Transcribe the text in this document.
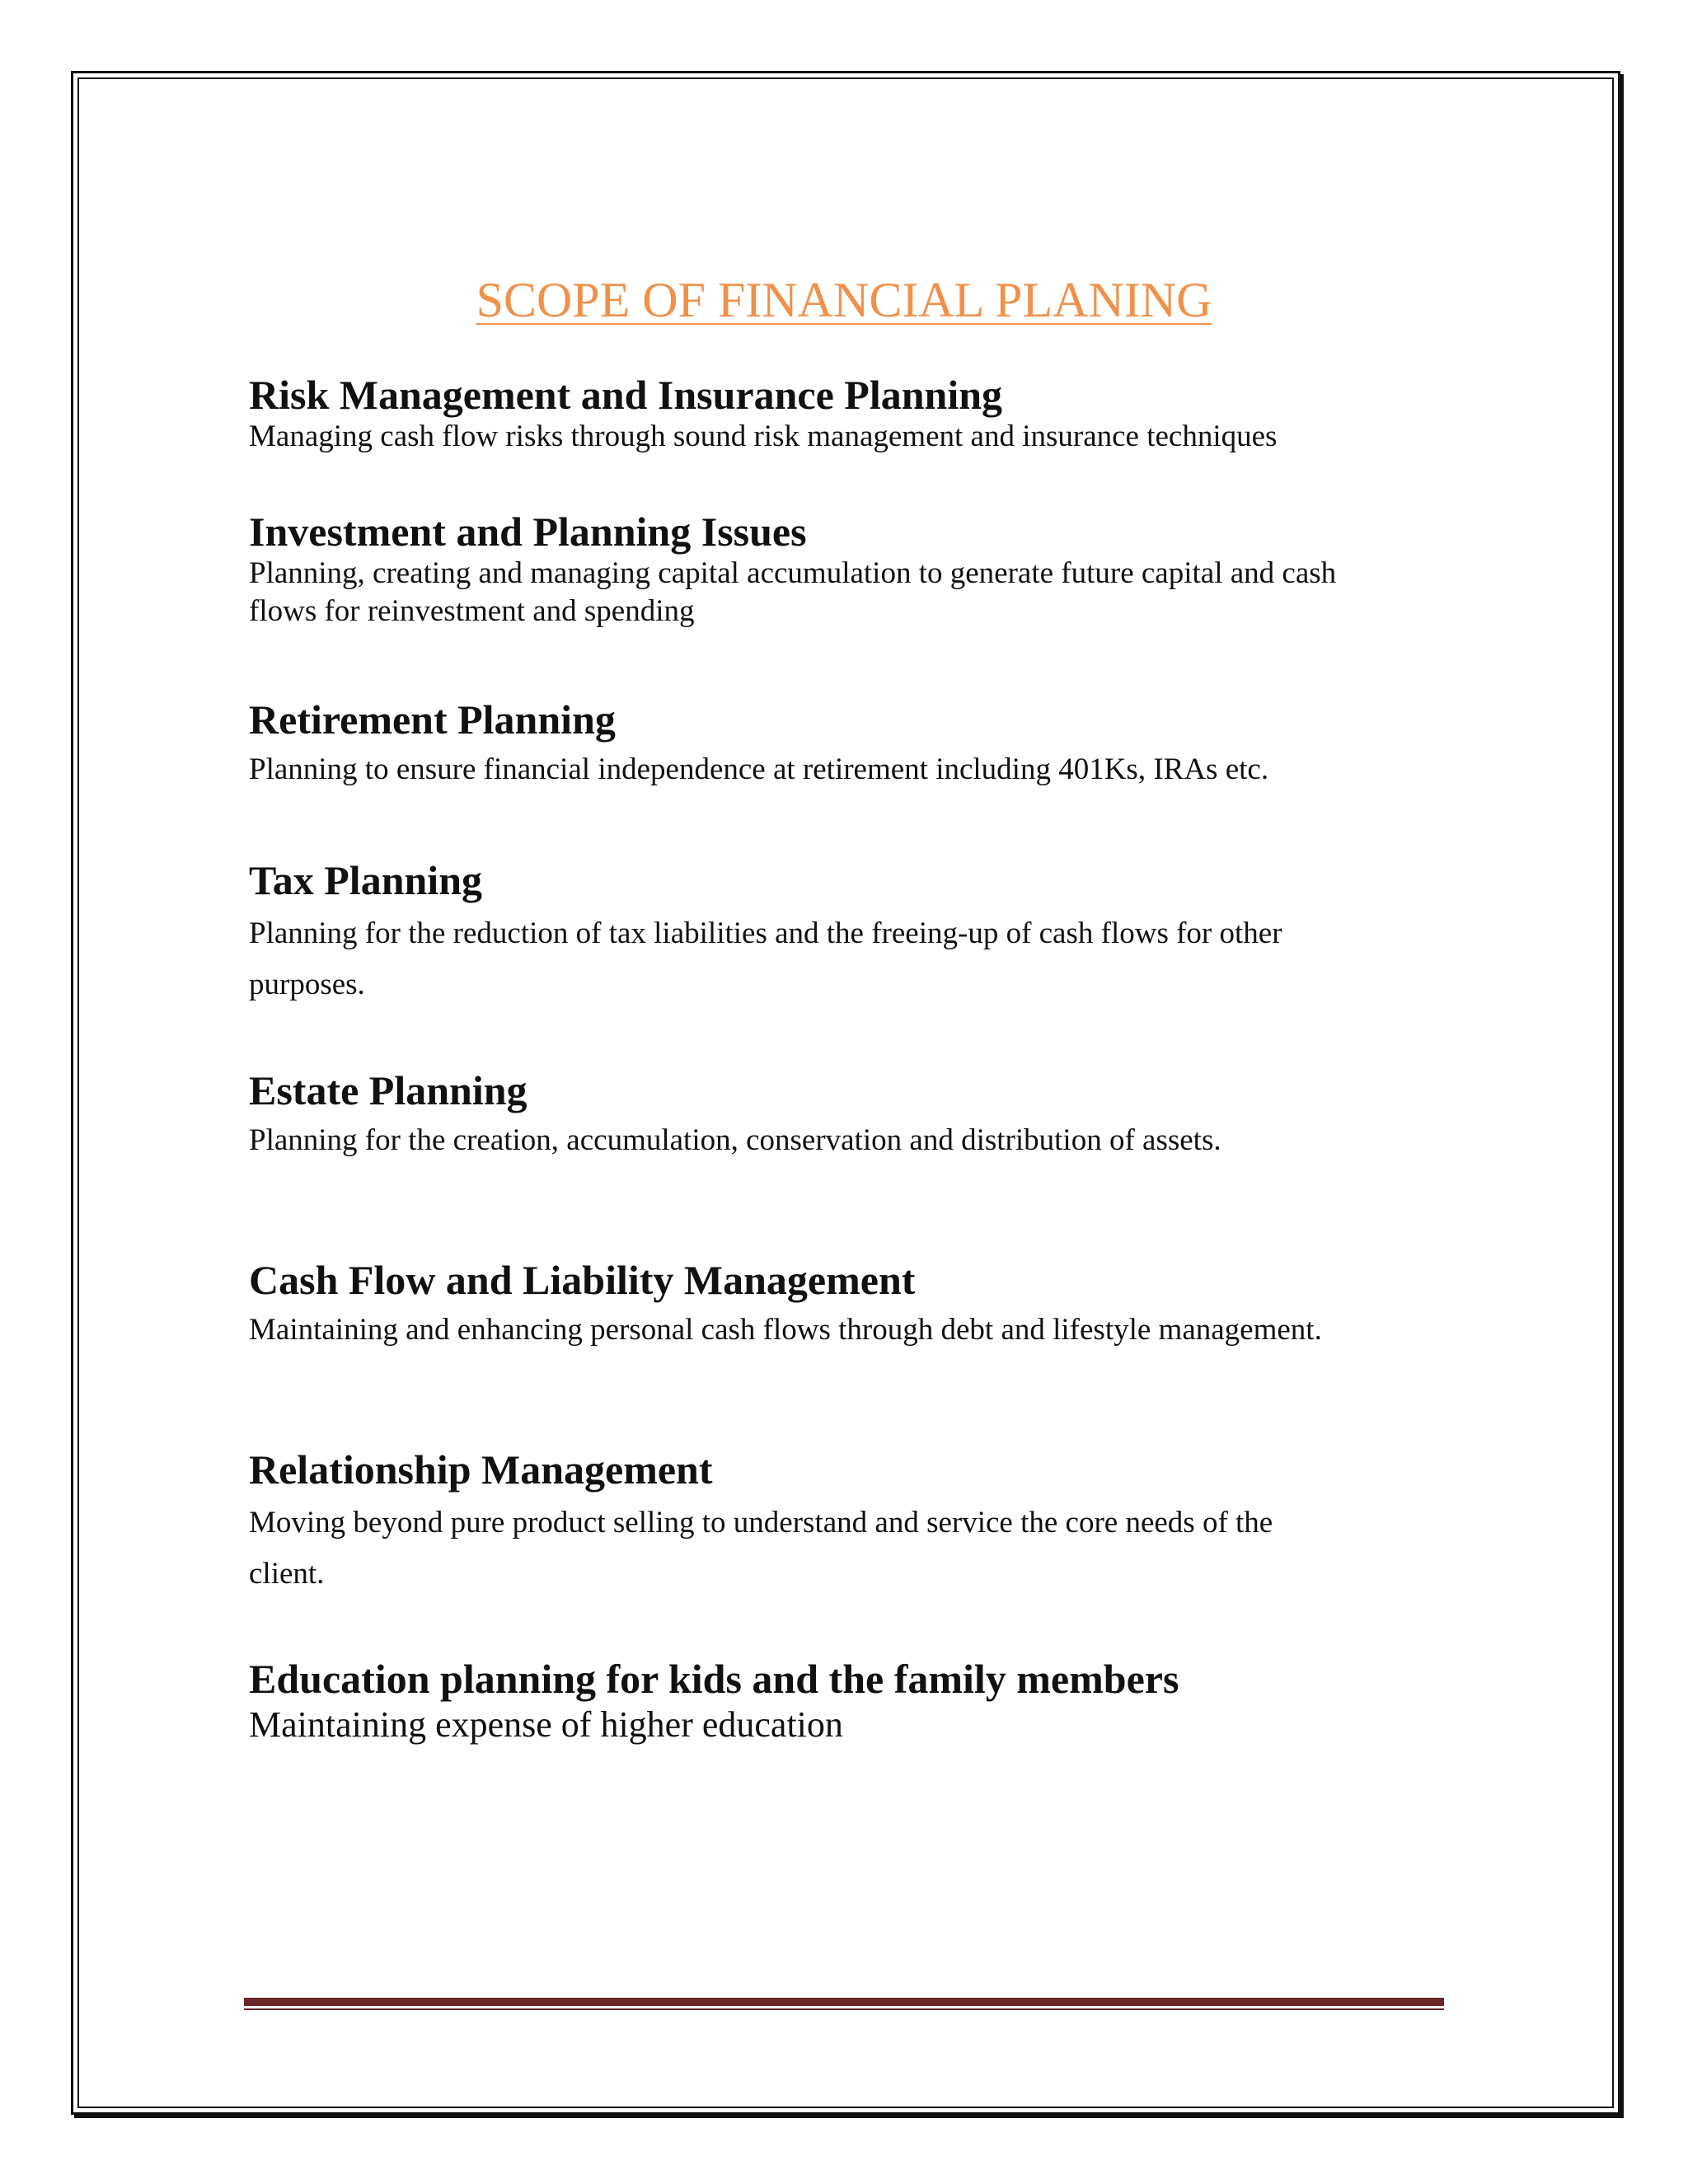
SCOPE OF FINANCIAL PLANING

Risk Management and Insurance Planning

Managing cash flow risks through sound risk management and insurance techniques

Investment and Planning Issues

Planning, creating and managing capital accumulation to generate future capital and cash

flows for reinvestment and spending

Retirement Planning

Planning to ensure financial independence at retirement including 401Ks, IRAs etc.

Tax Planning

Planning for the reduction of tax liabilities and the freeing-up of cash flows for other

purposes.

Estate Planning

Planning for the creation, accumulation, conservation and distribution of assets.

Cash Flow and Liability Management

Maintaining and enhancing personal cash flows through debt and lifestyle management.

Relationship Management

Moving beyond pure product selling to understand and service the core needs of the

client.

Education planning for kids and the family members

Maintaining expense of higher education
